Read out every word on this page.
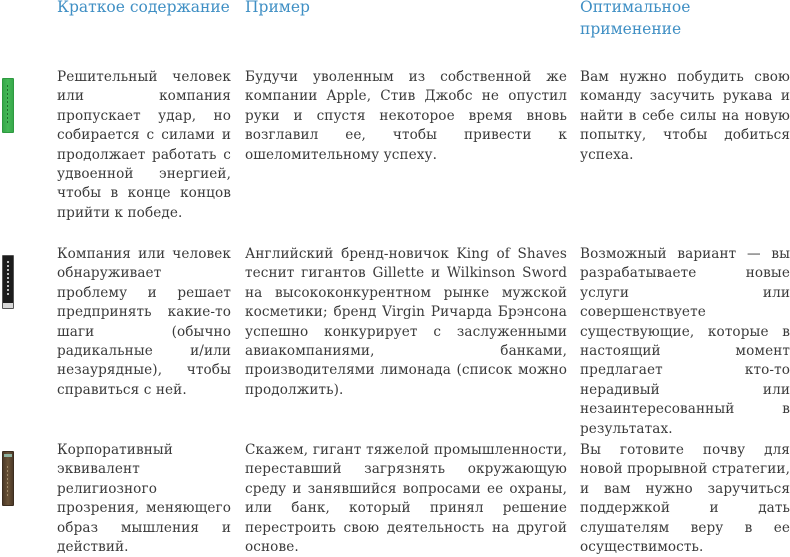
Краткое содержание Пример	Оптимальное применение
Решительный человек или компания пропускает удар, но собирается с силами и продолжает работать с удвоенной энергией, чтобы в конце концов прийти к победе.
Будучи уволенным из собственной же компании Apple, Стив Джобс не опустил руки и спустя некоторое время вновь возглавил ее, чтобы привести к ошеломительному успеху.
Вам нужно побудить свою команду засучить рукава и найти в себе силы на новую попытку, чтобы добиться успеха.
Компания или человек обнаруживает проблему и решает предпринять какие-то шаги (обычно радикальные и/или незаурядные), чтобы справиться с ней.
Английский бренд-новичок King of Shaves теснит гигантов Gillette и Wilkinson Sword на высококонкурентном рынке мужской косметики; бренд Virgin Ричарда Брэнсона успешно конкурирует с заслуженными авиакомпаниями, банками, производителями лимонада (список можно продолжить).
Возможный вариант — вы разрабатываете новые услуги или совершенствуете существующие, которые в настоящий момент предлагает кто-то нерадивый или незаинтересованный в результатах.
Корпоративный эквивалент религиозного прозрения, меняющего образ мышления и действий.
Скажем, гигант тяжелой промышленности, переставший загрязнять окружающую среду и занявшийся вопросами ее охраны, или банк, который принял решение перестроить свою деятельность на другой основе.
Вы готовите почву для новой прорывной стратегии, и вам нужно заручиться поддержкой и дать слушателям веру в ее осуществимость.
